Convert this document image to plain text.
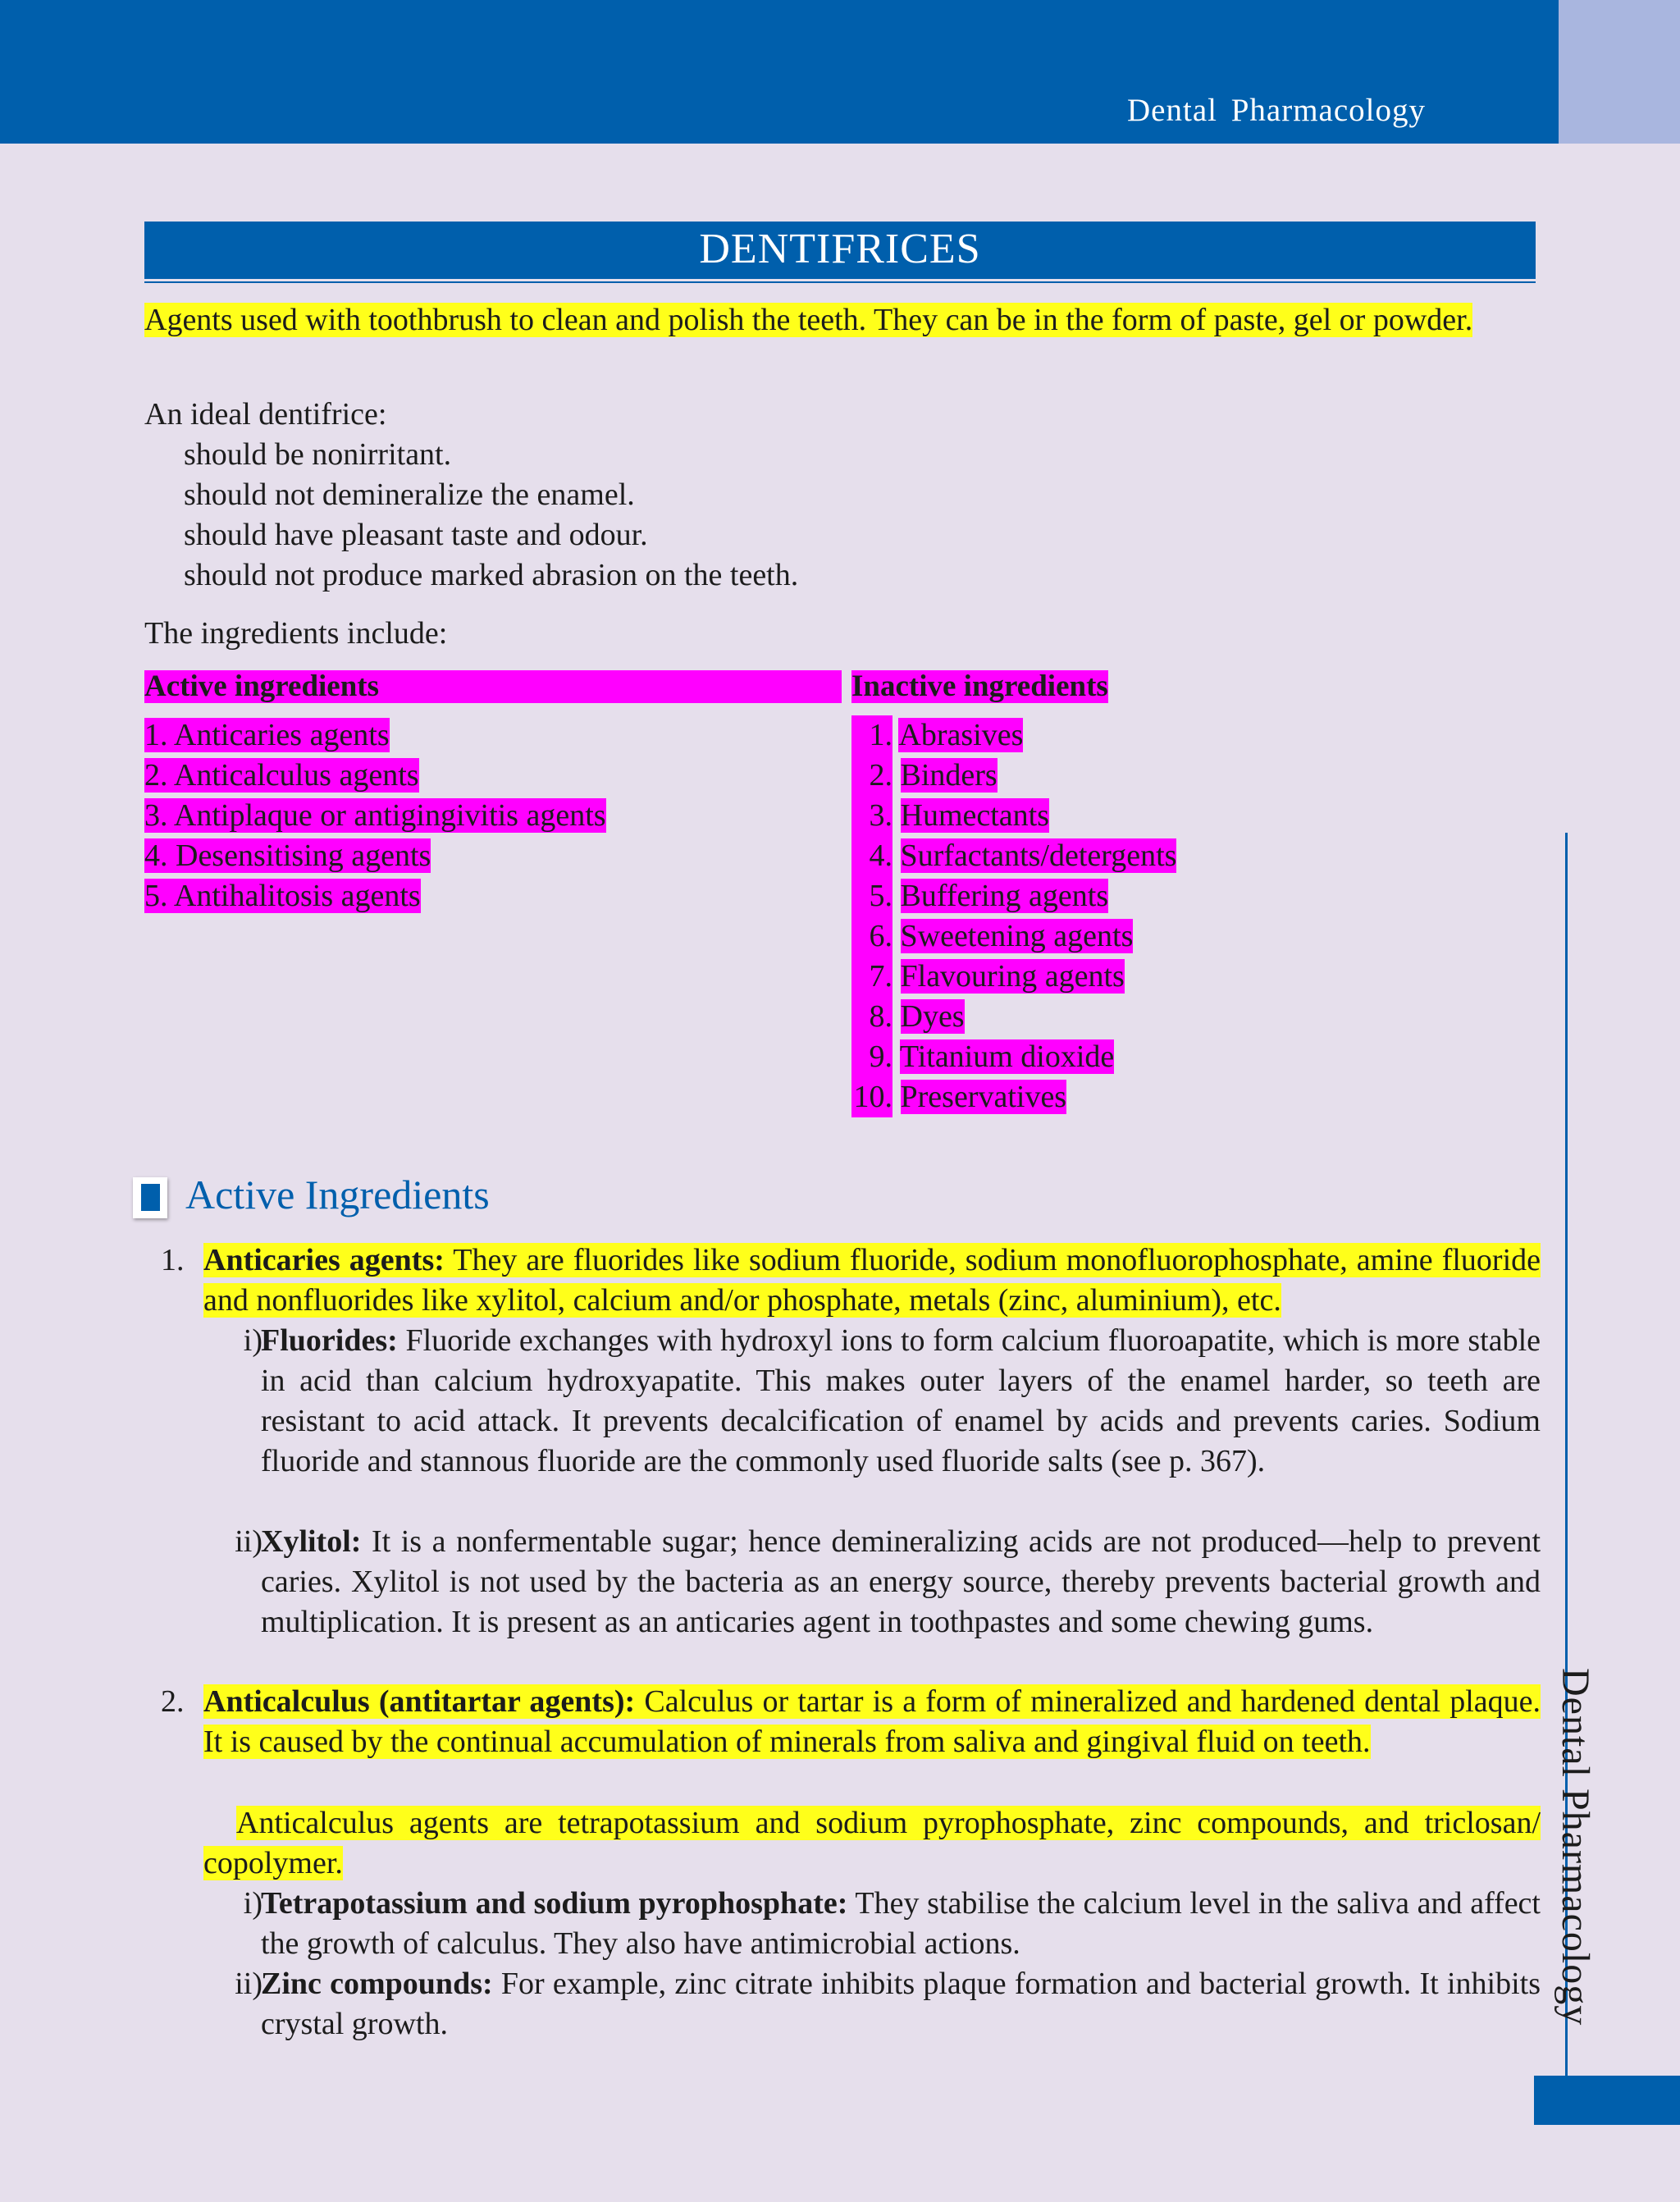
Dental Pharmacology
DENTIFRICES
Agents used with toothbrush to clean and polish the teeth. They can be in the form of paste, gel or powder.
An ideal dentifrice:
should be nonirritant.
should not demineralize the enamel.
should have pleasant taste and odour.
should not produce marked abrasion on the teeth.
The ingredients include:
Active ingredients	Inactive ingredients
1. Anticaries agents
2. Anticalculus agents
3. Antiplaque or antigingivitis agents
4. Desensitising agents
5. Antihalitosis agents
1. Abrasives
2. Binders
3. Humectants
4. Surfactants/detergents
5. Buffering agents
6. Sweetening agents
7. Flavouring agents
8. Dyes
9. Titanium dioxide
10. Preservatives
Active Ingredients
1. Anticaries agents: They are fluorides like sodium fluoride, sodium monofluorophosphate, amine fluoride and nonfluorides like xylitol, calcium and/or phosphate, metals (zinc, aluminium), etc.
i)
Fluorides: Fluoride exchanges with hydroxyl ions to form calcium fluoroapatite, which is more stable in acid than calcium hydroxyapatite. This makes outer layers of the enamel harder, so teeth are resistant to acid attack. It prevents decalcification of enamel by acids and prevents caries. Sodium fluoride and stannous fluoride are the commonly used fluoride salts (see p. 367).
ii)
Xylitol: It is a nonfermentable sugar; hence demineralizing acids are not produced—help to prevent caries. Xylitol is not used by the bacteria as an energy source, thereby prevents bacterial growth and multiplication. It is present as an anticaries agent in toothpastes and some chewing gums.
2. Anticalculus (antitartar agents): Calculus or tartar is a form of mineralized and hardened dental plaque. It is caused by the continual accumulation of minerals from saliva and gingival fluid on teeth.
Anticalculus agents are tetrapotassium and sodium pyrophosphate, zinc compounds, and triclosan/ copolymer.
i)
Tetrapotassium and sodium pyrophosphate: They stabilise the calcium level in the saliva and affect the growth of calculus. They also have antimicrobial actions.
ii)
Zinc compounds: For example, zinc citrate inhibits plaque formation and bacterial growth. It inhibits crystal growth.	Dental Pharmacology
